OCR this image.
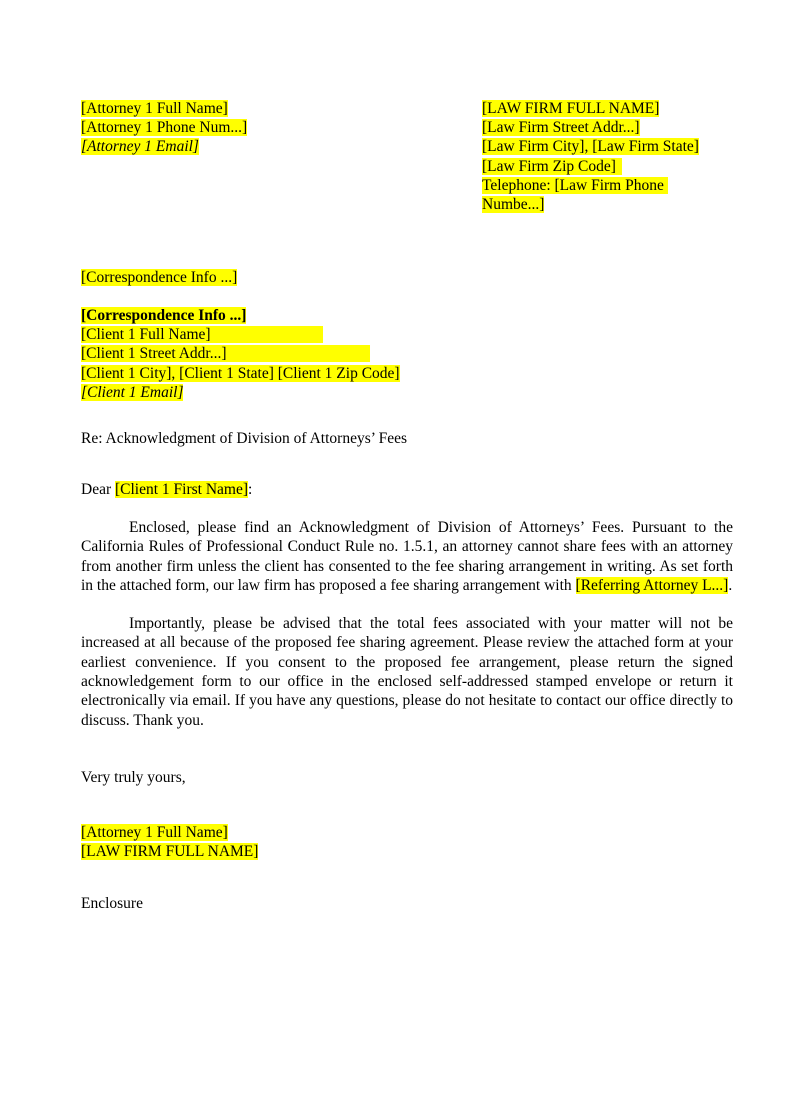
[Attorney 1 Full Name]
[Attorney 1 Phone Num...]
[Attorney 1 Email]
[LAW FIRM FULL NAME]
[Law Firm Street Addr...]
[Law Firm City], [Law Firm State]
[Law Firm Zip Code]
Telephone: [Law Firm Phone
Numbe...]
[Correspondence Info ...]
[Correspondence Info ...]
[Client 1 Full Name]
[Client 1 Street Addr...]
[Client 1 City], [Client 1 State] [Client 1 Zip Code]
[Client 1 Email]
Re: Acknowledgment of Division of Attorneys’ Fees
Dear [Client 1 First Name]:

Enclosed, please find an Acknowledgment of Division of Attorneys’ Fees. Pursuant to the California Rules of Professional Conduct Rule no. 1.5.1, an attorney cannot share fees with an attorney from another firm unless the client has consented to the fee sharing arrangement in writing. As set forth in the attached form, our law firm has proposed a fee sharing arrangement with [Referring Attorney L...].

Importantly, please be advised that the total fees associated with your matter will not be increased at all because of the proposed fee sharing agreement. Please review the attached form at your earliest convenience. If you consent to the proposed fee arrangement, please return the signed acknowledgement form to our office in the enclosed self-addressed stamped envelope or return it electronically via email. If you have any questions, please do not hesitate to contact our office directly to discuss. Thank you.

Very truly yours,
[Attorney 1 Full Name]
[LAW FIRM FULL NAME]
Enclosure
